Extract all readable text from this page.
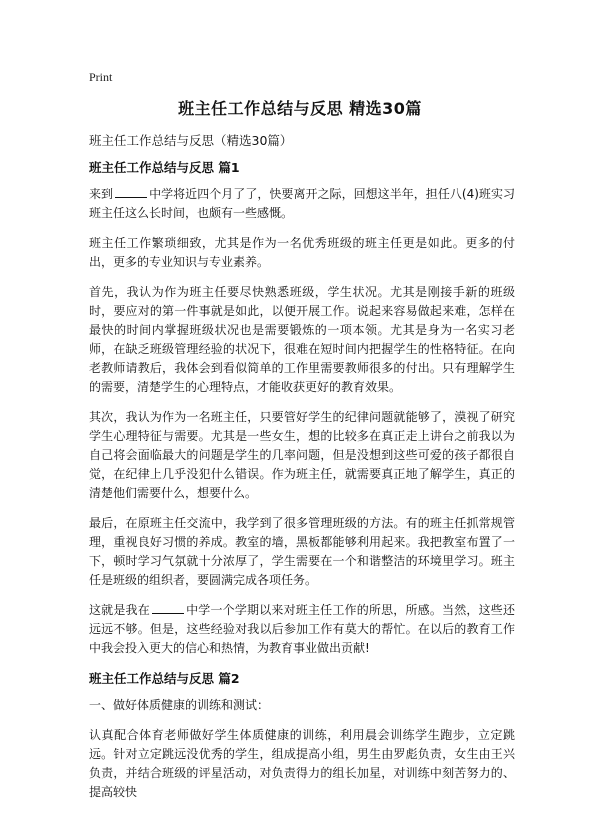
Print
班主任工作总结与反思 精选30篇
班主任工作总结与反思（精选30篇）
班主任工作总结与反思 篇1

来到	中学将近四个月了了，快要离开之际，回想这半年，担任八(4)班实习班主任这么长时间，也颇有一些感慨。

班主任工作繁琐细致，尤其是作为一名优秀班级的班主任更是如此。更多的付出，更多的专业知识与专业素养。

首先，我认为作为班主任要尽快熟悉班级，学生状况。尤其是刚接手新的班级时，要应对的第一件事就是如此，以便开展工作。说起来容易做起来难，怎样在最快的时间内掌握班级状况也是需要锻炼的一项本领。尤其是身为一名实习老师，在缺乏班级管理经验的状况下，很难在短时间内把握学生的性格特征。在向老教师请教后，我体会到看似简单的工作里需要教师很多的付出。只有理解学生的需要，清楚学生的心理特点，才能收获更好的教育效果。

其次，我认为作为一名班主任，只要管好学生的纪律问题就能够了，漠视了研究学生心理特征与需要。尤其是一些女生，想的比较多在真正走上讲台之前我以为自己将会面临最大的问题是学生的几率问题，但是没想到这些可爱的孩子都很自觉，在纪律上几乎没犯什么错误。作为班主任，就需要真正地了解学生，真正的清楚他们需要什么，想要什么。

最后，在原班主任交流中，我学到了很多管理班级的方法。有的班主任抓常规管理，重视良好习惯的养成。教室的墙，黑板都能够利用起来。我把教室布置了一下，顿时学习气氛就十分浓厚了，学生需要在一个和谐整洁的环境里学习。班主任是班级的组织者，要圆满完成各项任务。

这就是我在	中学一个学期以来对班主任工作的所思，所感。当然，这些还远远不够。但是，这些经验对我以后参加工作有莫大的帮忙。在以后的教育工作中我会投入更大的信心和热情，为教育事业做出贡献!

班主任工作总结与反思 篇2

一、做好体质健康的训练和测试：

认真配合体育老师做好学生体质健康的训练，利用晨会训练学生跑步，立定跳远。针对立定跳远没优秀的学生，组成提高小组，男生由罗彪负责，女生由王兴负责，并结合班级的评星活动，对负责得力的组长加星，对训练中刻苦努力的、提高较快
